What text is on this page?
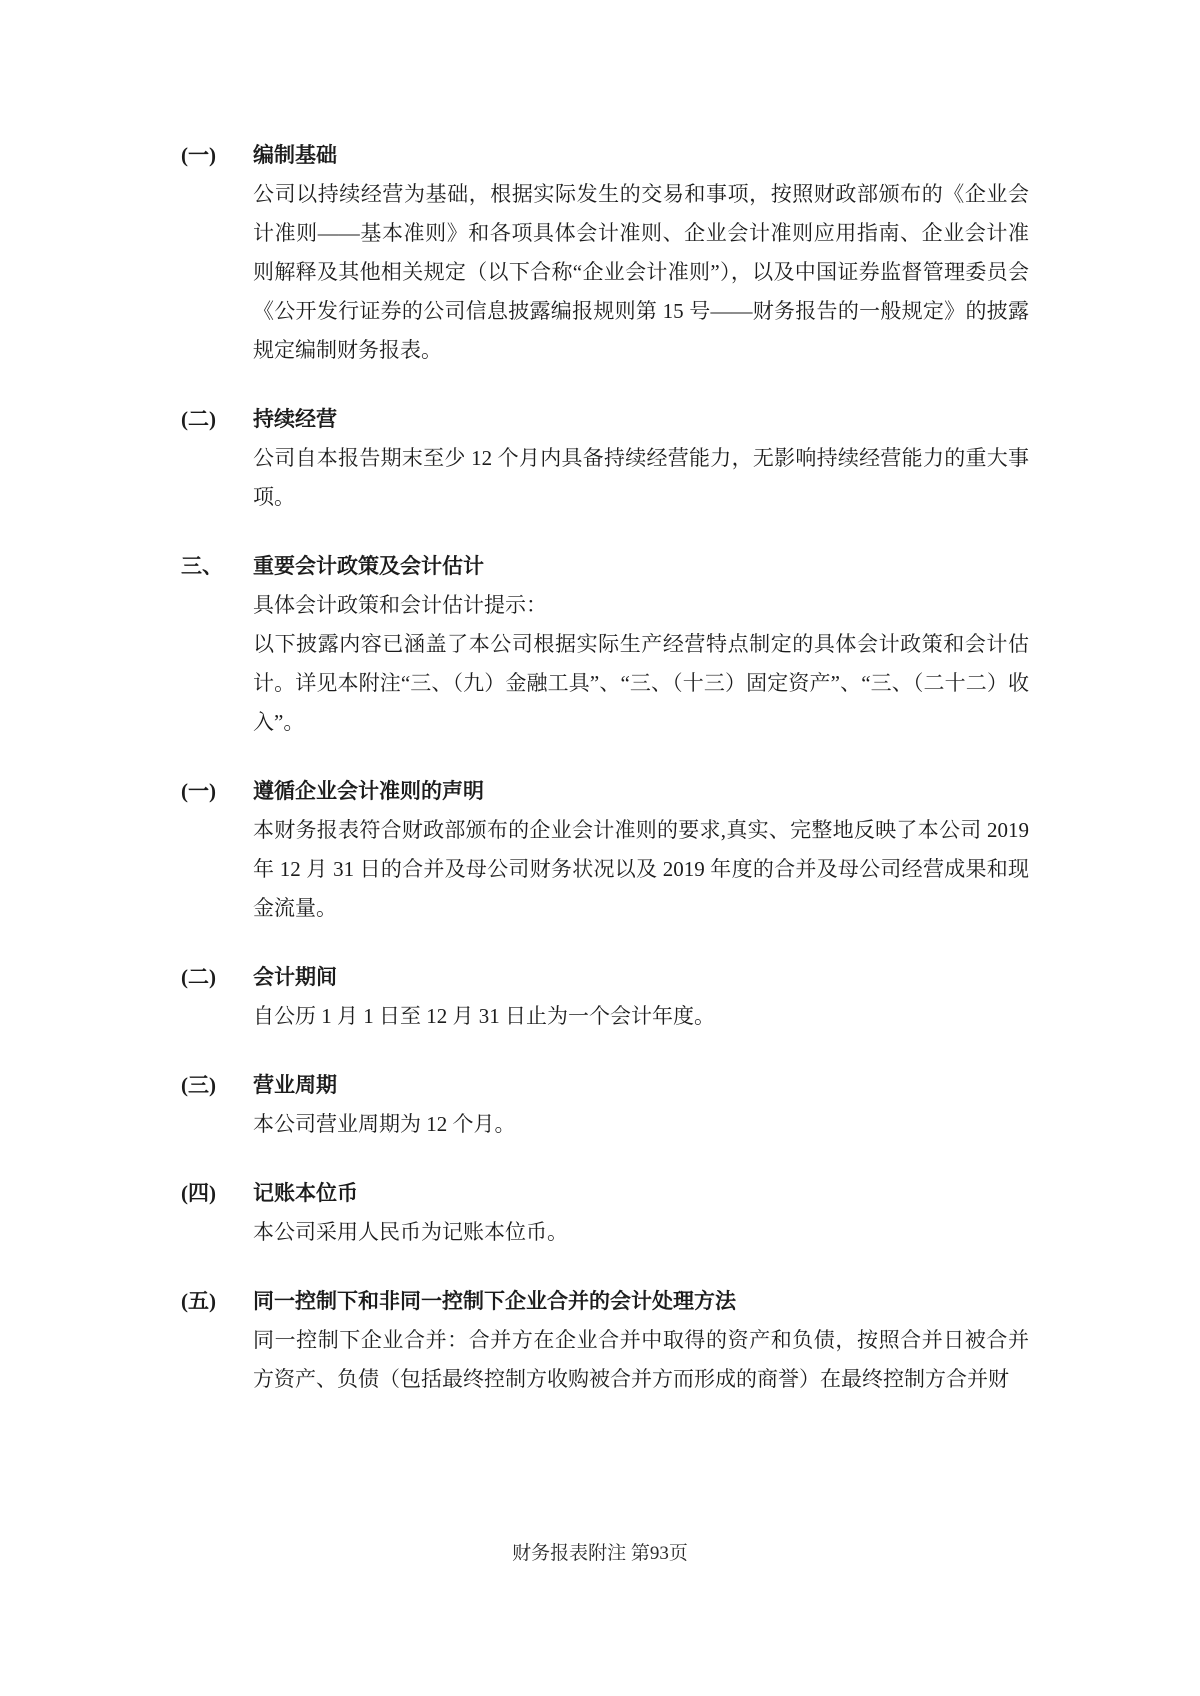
(一)	编制基础

公司以持续经营为基础，根据实际发生的交易和事项，按照财政部颁布的《企业会计准则——基本准则》和各项具体会计准则、企业会计准则应用指南、企业会计准则解释及其他相关规定（以下合称“企业会计准则”），以及中国证券监督管理委员会《公开发行证券的公司信息披露编报规则第 15 号——财务报告的一般规定》的披露规定编制财务报表。

(二)	持续经营

公司自本报告期末至少 12 个月内具备持续经营能力，无影响持续经营能力的重大事项。

三、	重要会计政策及会计估计

具体会计政策和会计估计提示：

以下披露内容已涵盖了本公司根据实际生产经营特点制定的具体会计政策和会计估计。详见本附注“三、（九）金融工具”、“三、（十三）固定资产”、“三、（二十二）收入”。

(一)	遵循企业会计准则的声明

本财务报表符合财政部颁布的企业会计准则的要求,真实、完整地反映了本公司 2019 年 12 月 31 日的合并及母公司财务状况以及 2019 年度的合并及母公司经营成果和现金流量。

(二)	会计期间

自公历 1 月 1 日至 12 月 31 日止为一个会计年度。

(三)	营业周期

本公司营业周期为 12 个月。

(四)	记账本位币

本公司采用人民币为记账本位币。

(五)	同一控制下和非同一控制下企业合并的会计处理方法

同一控制下企业合并：合并方在企业合并中取得的资产和负债，按照合并日被合并方资产、负债（包括最终控制方收购被合并方而形成的商誉）在最终控制方合并财

财务报表附注 第93页
